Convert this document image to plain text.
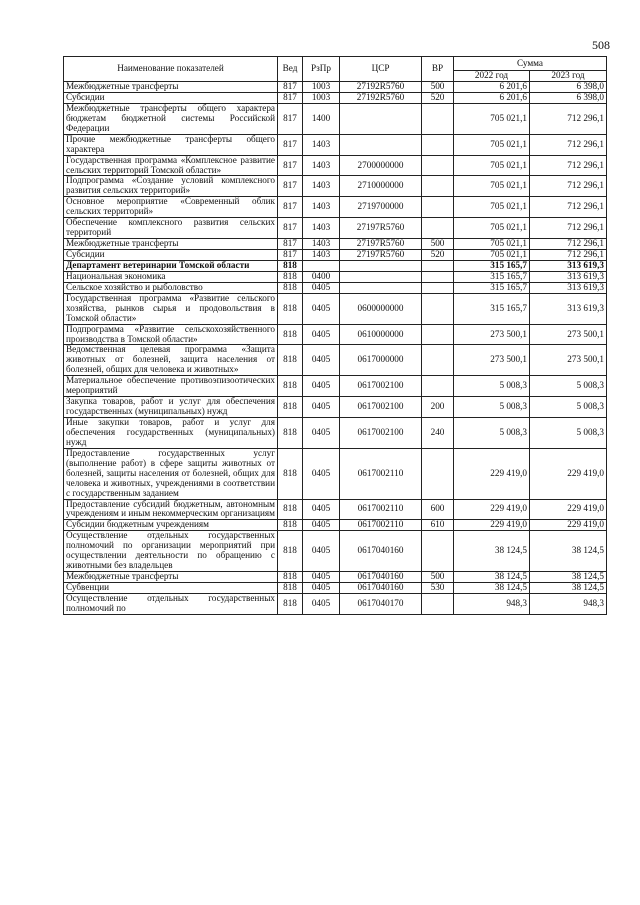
508
Наименование показателей	Вед	РзПр	ЦСР	ВР	Сумма	
					2022 год	2023 год
Межбюджетные трансферты	817	1003	27192R5760	500	6 201,6	6 398,0
Субсидии	817	1003	27192R5760	520	6 201,6	6 398,0
Межбюджетные трансферты общего характера бюджетам бюджетной системы Российской Федерации	817	1400			705 021,1	712 296,1
Прочие межбюджетные трансферты общего характера	817	1403			705 021,1	712 296,1
Государственная программа «Комплексное развитие сельских территорий Томской области»	817	1403	2700000000		705 021,1	712 296,1
Подпрограмма «Создание условий комплексного развития сельских территорий»	817	1403	2710000000		705 021,1	712 296,1
Основное мероприятие «Современный облик сельских территорий»	817	1403	2719700000		705 021,1	712 296,1
Обеспечение комплексного развития сельских территорий	817	1403	27197R5760		705 021,1	712 296,1
Межбюджетные трансферты	817	1403	27197R5760	500	705 021,1	712 296,1
Субсидии	817	1403	27197R5760	520	705 021,1	712 296,1
Департамент ветеринарии Томской области	818				315 165,7	313 619,3
Национальная экономика	818	0400			315 165,7	313 619,3
Сельское хозяйство и рыболовство	818	0405			315 165,7	313 619,3
Государственная программа «Развитие сельского хозяйства, рынков сырья и продовольствия в Томской области»	818	0405	0600000000		315 165,7	313 619,3
Подпрограмма «Развитие сельскохозяйственного производства в Томской области»	818	0405	0610000000		273 500,1	273 500,1
Ведомственная целевая программа «Защита животных от болезней, защита населения от болезней, общих для человека и животных»	818	0405	0617000000		273 500,1	273 500,1
Материальное обеспечение противоэпизоотических мероприятий	818	0405	0617002100		5 008,3	5 008,3
Закупка товаров, работ и услуг для обеспечения государственных (муниципальных) нужд	818	0405	0617002100	200	5 008,3	5 008,3
Иные закупки товаров, работ и услуг для обеспечения государственных (муниципальных) нужд	818	0405	0617002100	240	5 008,3	5 008,3
Предоставление государственных услуг (выполнение работ) в сфере защиты животных от болезней, защиты населения от болезней, общих для человека и животных, учреждениями в соответствии с государственным заданием	818	0405	0617002110		229 419,0	229 419,0
Предоставление субсидий бюджетным, автономным учреждениям и иным некоммерческим организациям	818	0405	0617002110	600	229 419,0	229 419,0
Субсидии бюджетным учреждениям	818	0405	0617002110	610	229 419,0	229 419,0
Осуществление отдельных государственных полномочий по организации мероприятий при осуществлении деятельности по обращению с животными без владельцев	818	0405	0617040160		38 124,5	38 124,5
Межбюджетные трансферты	818	0405	0617040160	500	38 124,5	38 124,5
Субвенции	818	0405	0617040160	530	38 124,5	38 124,5
Осуществление отдельных государственных полномочий по	818	0405	0617040170		948,3	948,3
